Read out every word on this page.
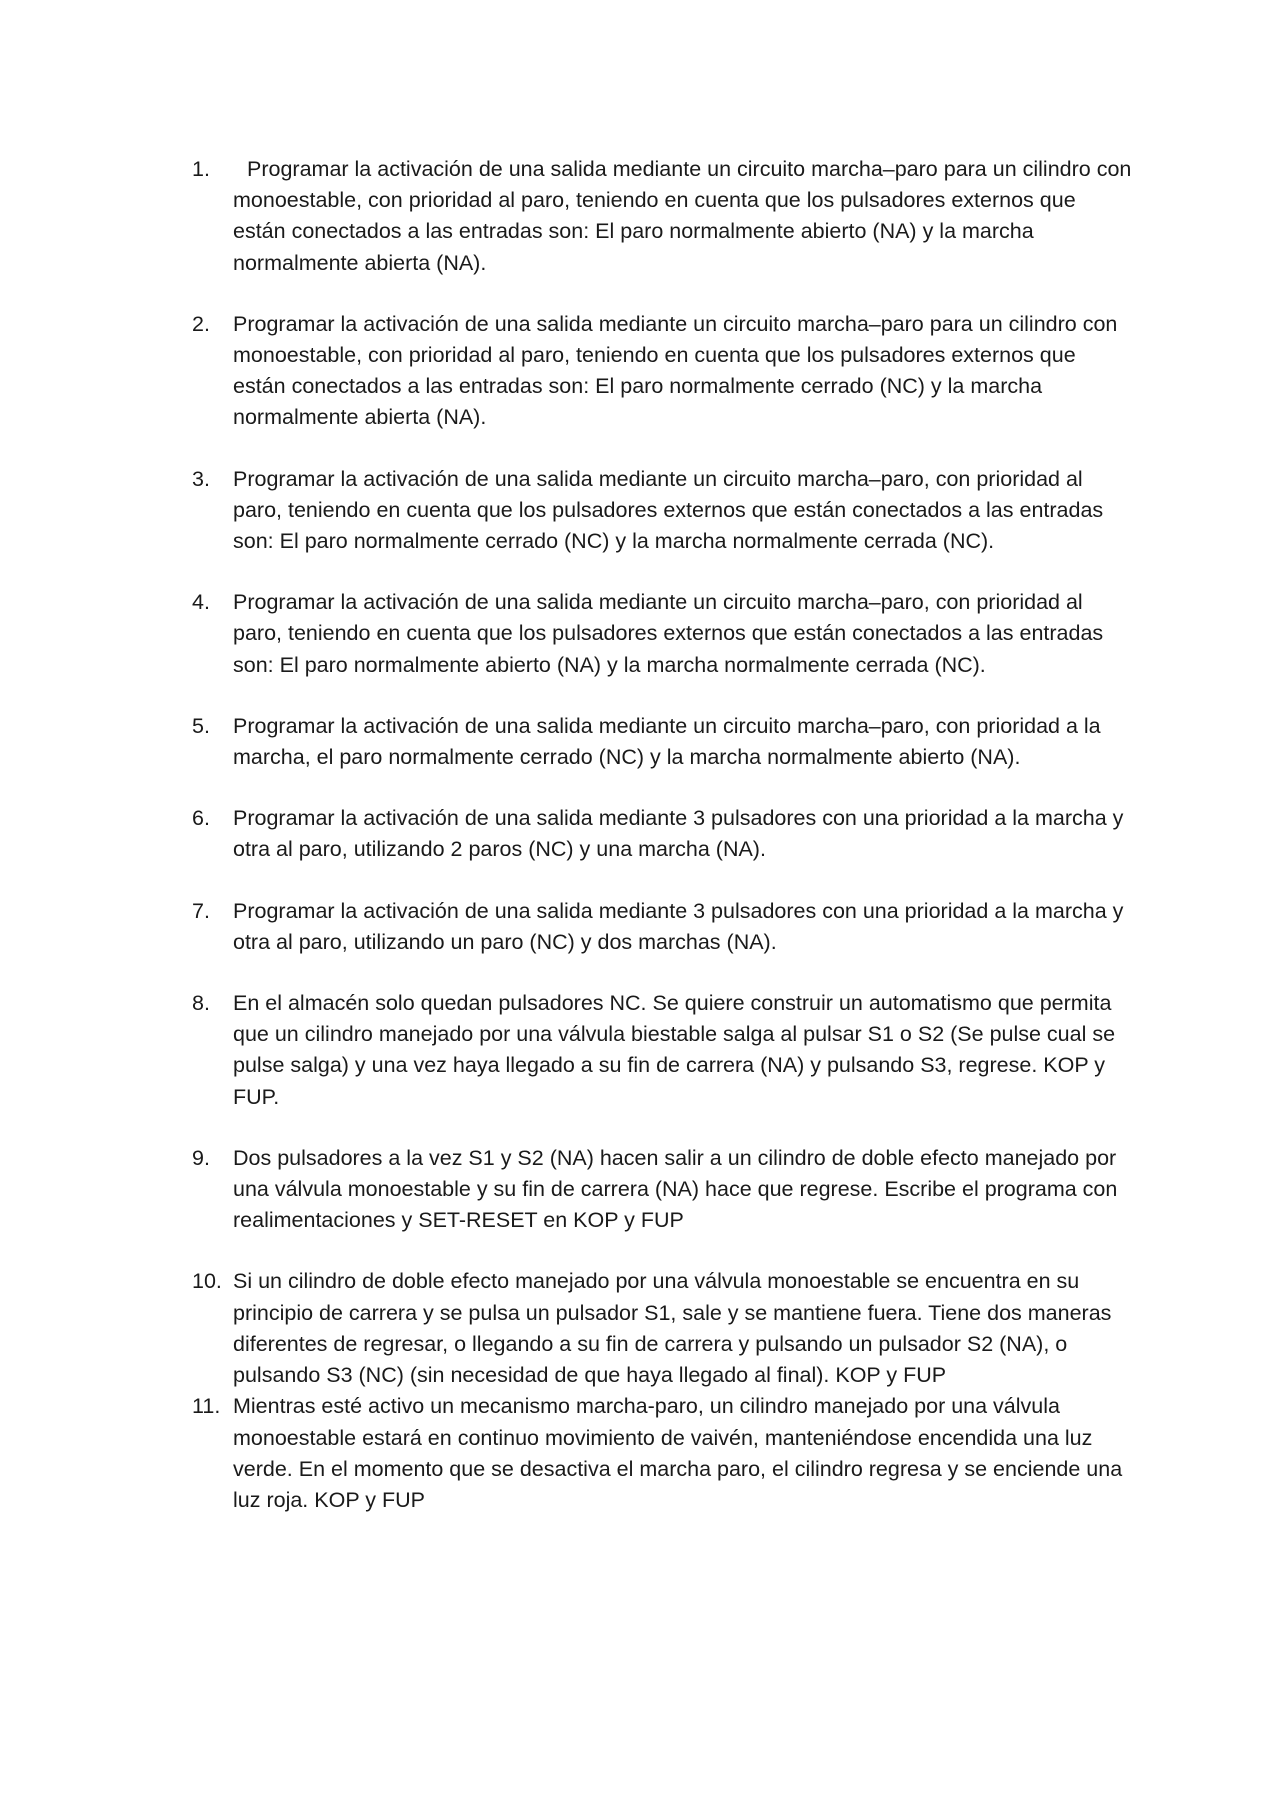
1.	Programar la activación de una salida mediante un circuito marcha–paro para un cilindro con monoestable, con prioridad al paro, teniendo en cuenta que los pulsadores externos que están conectados a las entradas son: El paro normalmente abierto (NA) y la marcha normalmente abierta (NA).
2.	Programar la activación de una salida mediante un circuito marcha–paro para un cilindro con monoestable, con prioridad al paro, teniendo en cuenta que los pulsadores externos que están conectados a las entradas son: El paro normalmente cerrado (NC) y la marcha normalmente abierta (NA).
3.	Programar la activación de una salida mediante un circuito marcha–paro, con prioridad al paro, teniendo en cuenta que los pulsadores externos que están conectados a las entradas son: El paro normalmente cerrado (NC) y la marcha normalmente cerrada (NC).
4.	Programar la activación de una salida mediante un circuito marcha–paro, con prioridad al paro, teniendo en cuenta que los pulsadores externos que están conectados a las entradas son: El paro normalmente abierto (NA) y la marcha normalmente cerrada (NC).
5.	Programar la activación de una salida mediante un circuito marcha–paro, con prioridad a la marcha, el paro normalmente cerrado (NC) y la marcha normalmente abierto (NA).
6.	Programar la activación de una salida mediante 3 pulsadores con una prioridad a la marcha y otra al paro, utilizando 2 paros (NC) y una marcha (NA).
7.	Programar la activación de una salida mediante 3 pulsadores con una prioridad a la marcha y otra al paro, utilizando un paro (NC) y dos marchas (NA).
8.	En el almacén solo quedan pulsadores NC. Se quiere construir un automatismo que permita que un cilindro manejado por una válvula biestable salga al pulsar S1 o S2 (Se pulse cual se pulse salga) y una vez haya llegado a su fin de carrera (NA) y pulsando S3, regrese. KOP y FUP.
9.	Dos pulsadores a la vez S1 y S2 (NA) hacen salir a un cilindro de doble efecto manejado por una válvula monoestable y su fin de carrera (NA) hace que regrese. Escribe el programa con realimentaciones y SET-RESET en KOP y FUP
10. Si un cilindro de doble efecto manejado por una válvula monoestable se encuentra en su principio de carrera y se pulsa un pulsador S1, sale y se mantiene fuera. Tiene dos maneras diferentes de regresar, o llegando a su fin de carrera y pulsando un pulsador S2 (NA), o pulsando S3 (NC) (sin necesidad de que haya llegado al final). KOP y FUP
11. Mientras esté activo un mecanismo marcha-paro, un cilindro manejado por una válvula monoestable estará en continuo movimiento de vaivén, manteniéndose encendida una luz verde. En el momento que se desactiva el marcha paro, el cilindro regresa y se enciende una luz roja. KOP y FUP
